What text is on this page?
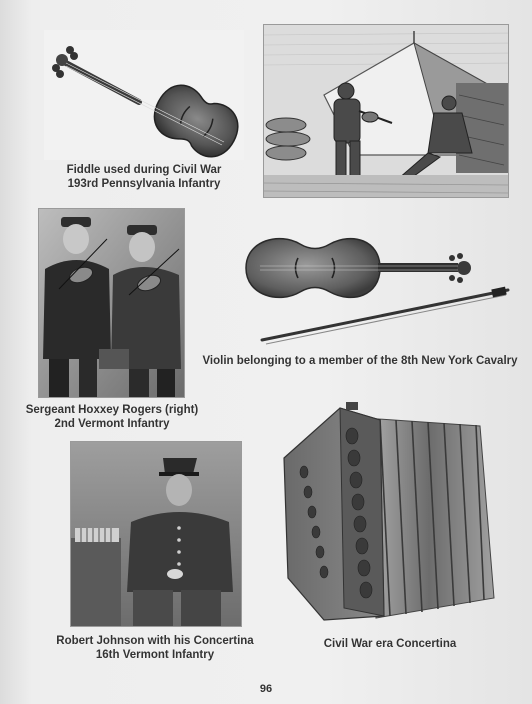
Fiddle used during Civil War
193rd Pennsylvania Infantry
Sergeant Hoxxey Rogers (right)
2nd Vermont Infantry
Violin belonging to a member of the 8th New York Cavalry
Robert Johnson with his Concertina
16th Vermont Infantry
Civil War era Concertina
96
